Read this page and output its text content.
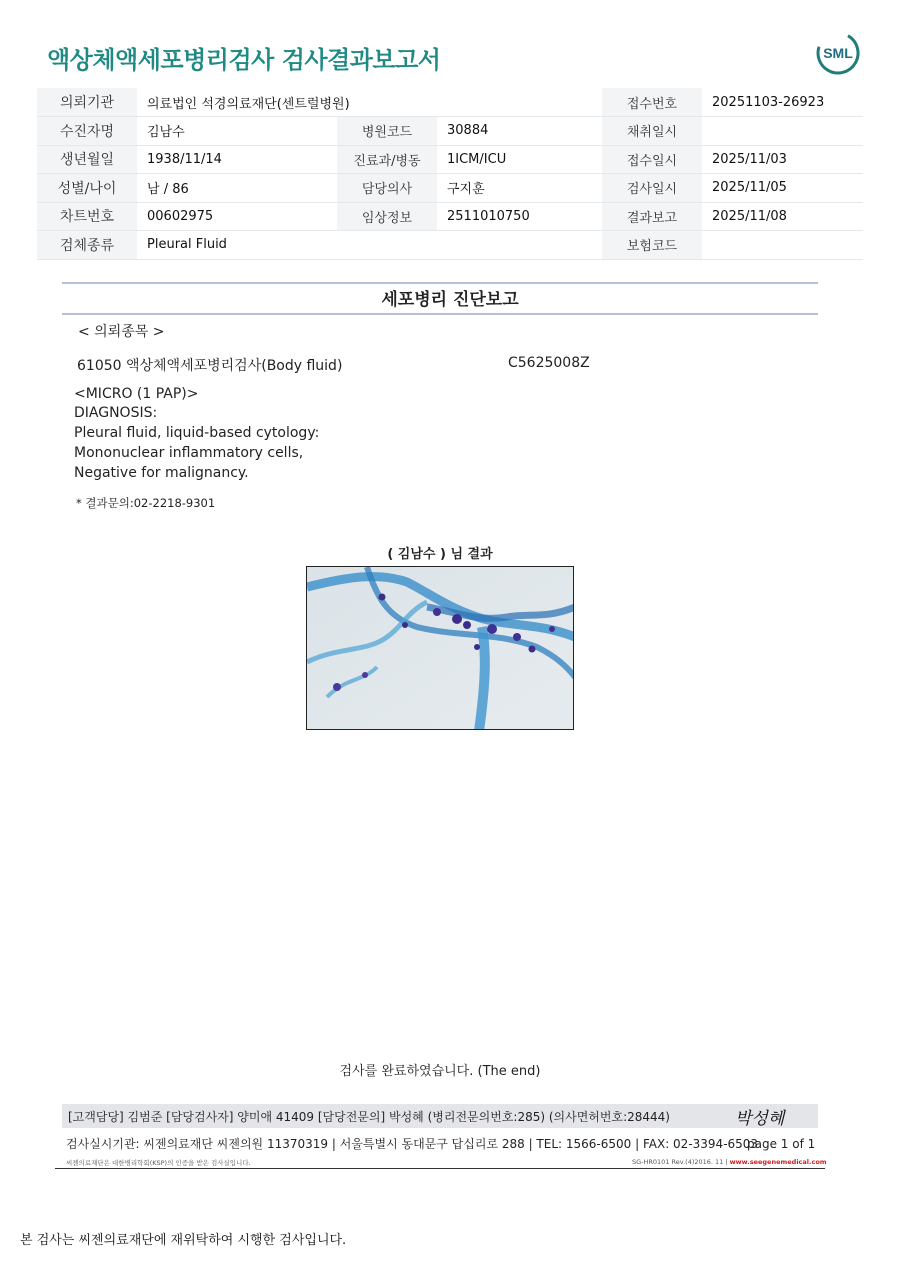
액상체액세포병리검사 검사결과보고서	SML
의뢰기관	의료법인 석경의료재단(센트럴병원)			접수번호	20251103-26923
수진자명	김남수	병원코드	30884	채취일시	
생년월일	1938/11/14	진료과/병동	1ICM/ICU	접수일시	2025/11/03
성별/나이	남 / 86	담당의사	구지훈	검사일시	2025/11/05
차트번호	00602975	임상정보	2511010750	결과보고	2025/11/08
검체종류	Pleural Fluid			보험코드	
세포병리 진단보고
< 의뢰종목 >
61050 액상체액세포병리검사(Body fluid)	C5625008Z
<MICRO (1 PAP)>
DIAGNOSIS:
Pleural fluid, liquid-based cytology:
Mononuclear inflammatory cells,
Negative for malignancy.
* 결과문의:02-2218-9301
( 김남수 ) 님 결과
검사를 완료하였습니다. (The end)
[고객담당] 김범준 [담당검사자] 양미애 41409 [담당전문의] 박성혜 (병리전문의번호:285) (의사면허번호:28444)	박성혜
검사실시기관: 씨젠의료재단 씨젠의원 11370319 | 서울특별시 동대문구 답십리로 288 | TEL: 1566-6500 | FAX: 02-3394-6503
page 1 of 1
씨젠의료재단은 대한병리학회(KSP)의 인증을 받은 검사실입니다.	SG-HR0101 Rev.(4)2016. 11 | www.seegenemedical.com
본 검사는 씨젠의료재단에 재위탁하여 시행한 검사입니다.
